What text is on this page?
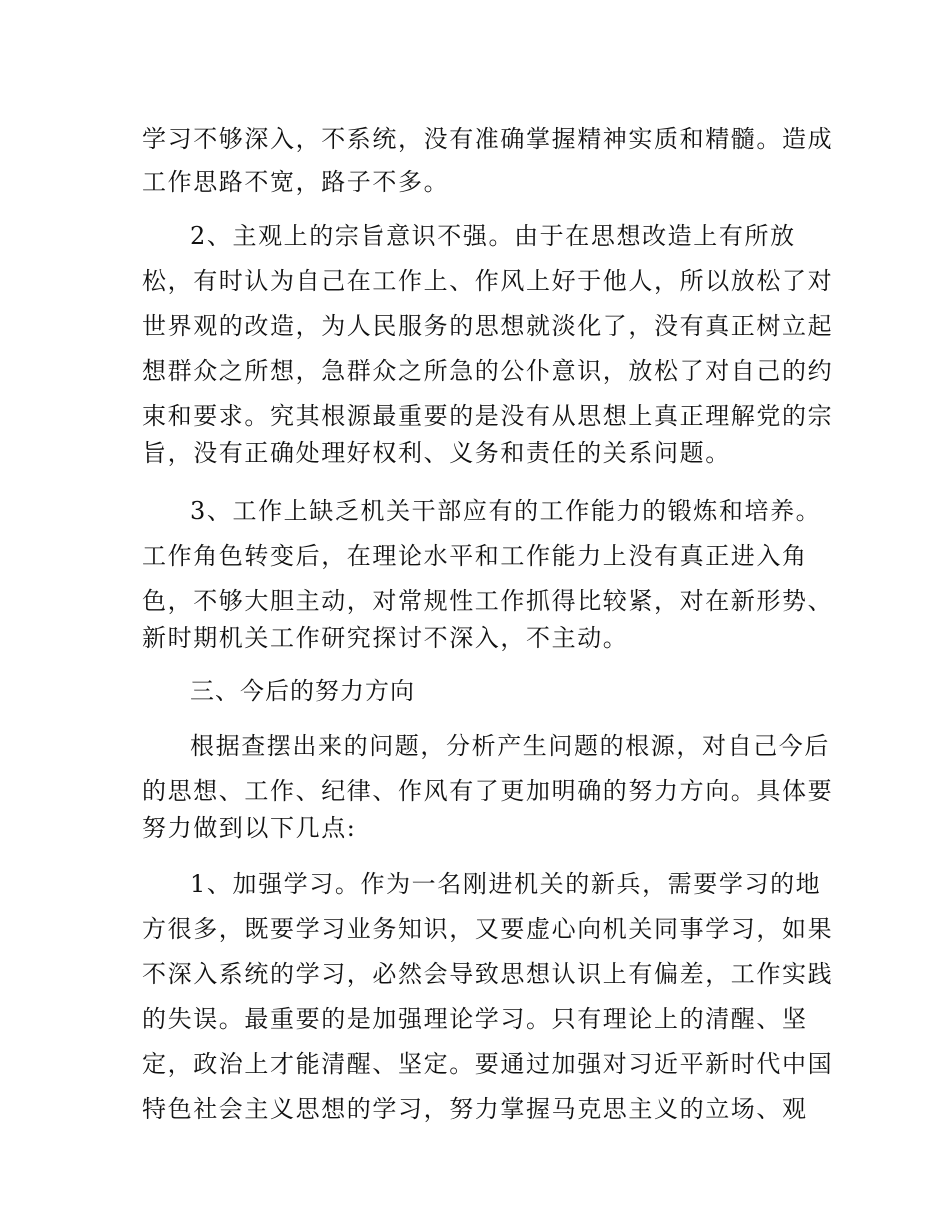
学习不够深入，不系统，没有准确掌握精神实质和精髓。造成
工作思路不宽，路子不多。
2、主观上的宗旨意识不强。由于在思想改造上有所放
松，有时认为自己在工作上、作风上好于他人，所以放松了对
世界观的改造，为人民服务的思想就淡化了，没有真正树立起
想群众之所想，急群众之所急的公仆意识，放松了对自己的约
束和要求。究其根源最重要的是没有从思想上真正理解党的宗
旨，没有正确处理好权利、义务和责任的关系问题。
3、工作上缺乏机关干部应有的工作能力的锻炼和培养。
工作角色转变后，在理论水平和工作能力上没有真正进入角
色，不够大胆主动，对常规性工作抓得比较紧，对在新形势、
新时期机关工作研究探讨不深入，不主动。
三、今后的努力方向
根据查摆出来的问题，分析产生问题的根源，对自己今后
的思想、工作、纪律、作风有了更加明确的努力方向。具体要
努力做到以下几点:
1、加强学习。作为一名刚进机关的新兵，需要学习的地
方很多，既要学习业务知识，又要虚心向机关同事学习，如果
不深入系统的学习，必然会导致思想认识上有偏差，工作实践
的失误。最重要的是加强理论学习。只有理论上的清醒、坚
定，政治上才能清醒、坚定。要通过加强对习近平新时代中国
特色社会主义思想的学习，努力掌握马克思主义的立场、观
